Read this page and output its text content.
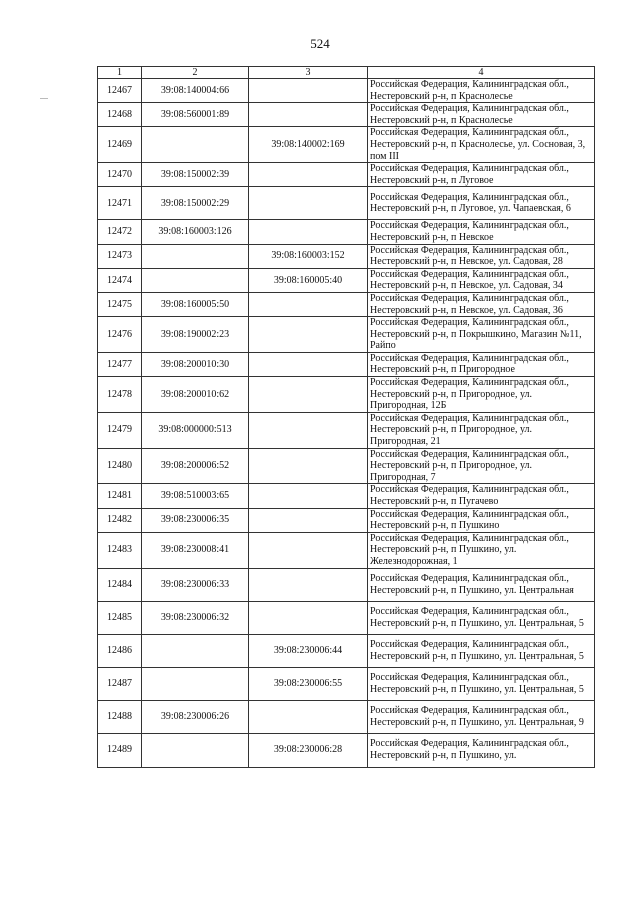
524
1	2	3	4
12467	39:08:140004:66		Российская Федерация, Калининградская обл., Нестеровский р-н, п Краснолесье
12468	39:08:560001:89		Российская Федерация, Калининградская обл., Нестеровский р-н, п Краснолесье
12469		39:08:140002:169	Российская Федерация, Калининградская обл., Нестеровский р-н, п Краснолесье, ул. Сосновая, 3, пом III
12470	39:08:150002:39		Российская Федерация, Калининградская обл., Нестеровский р-н, п Луговое
12471	39:08:150002:29		Российская Федерация, Калининградская обл., Нестеровский р-н, п Луговое, ул. Чапаевская, 6
12472	39:08:160003:126		Российская Федерация, Калининградская обл., Нестеровский р-н, п Невское
12473		39:08:160003:152	Российская Федерация, Калининградская обл., Нестеровский р-н, п Невское, ул. Садовая, 28
12474		39:08:160005:40	Российская Федерация, Калининградская обл., Нестеровский р-н, п Невское, ул. Садовая, 34
12475	39:08:160005:50		Российская Федерация, Калининградская обл., Нестеровский р-н, п Невское, ул. Садовая, 36
12476	39:08:190002:23		Российская Федерация, Калининградская обл., Нестеровский р-н, п Покрышкино, Магазин №11, Райпо
12477	39:08:200010:30		Российская Федерация, Калининградская обл., Нестеровский р-н, п Пригородное
12478	39:08:200010:62		Российская Федерация, Калининградская обл., Нестеровский р-н, п Пригородное, ул. Пригородная, 12Б
12479	39:08:000000:513		Российская Федерация, Калининградская обл., Нестеровский р-н, п Пригородное, ул. Пригородная, 21
12480	39:08:200006:52		Российская Федерация, Калининградская обл., Нестеровский р-н, п Пригородное, ул. Пригородная, 7
12481	39:08:510003:65		Российская Федерация, Калининградская обл., Нестеровский р-н, п Пугачево
12482	39:08:230006:35		Российская Федерация, Калининградская обл., Нестеровский р-н, п Пушкино
12483	39:08:230008:41		Российская Федерация, Калининградская обл., Нестеровский р-н, п Пушкино, ул. Железнодорожная, 1
12484	39:08:230006:33		Российская Федерация, Калининградская обл., Нестеровский р-н, п Пушкино, ул. Центральная
12485	39:08:230006:32		Российская Федерация, Калининградская обл., Нестеровский р-н, п Пушкино, ул. Центральная, 5
12486		39:08:230006:44	Российская Федерация, Калининградская обл., Нестеровский р-н, п Пушкино, ул. Центральная, 5
12487		39:08:230006:55	Российская Федерация, Калининградская обл., Нестеровский р-н, п Пушкино, ул. Центральная, 5
12488	39:08:230006:26		Российская Федерация, Калининградская обл., Нестеровский р-н, п Пушкино, ул. Центральная, 9
12489		39:08:230006:28	Российская Федерация, Калининградская обл., Нестеровский р-н, п Пушкино, ул.
